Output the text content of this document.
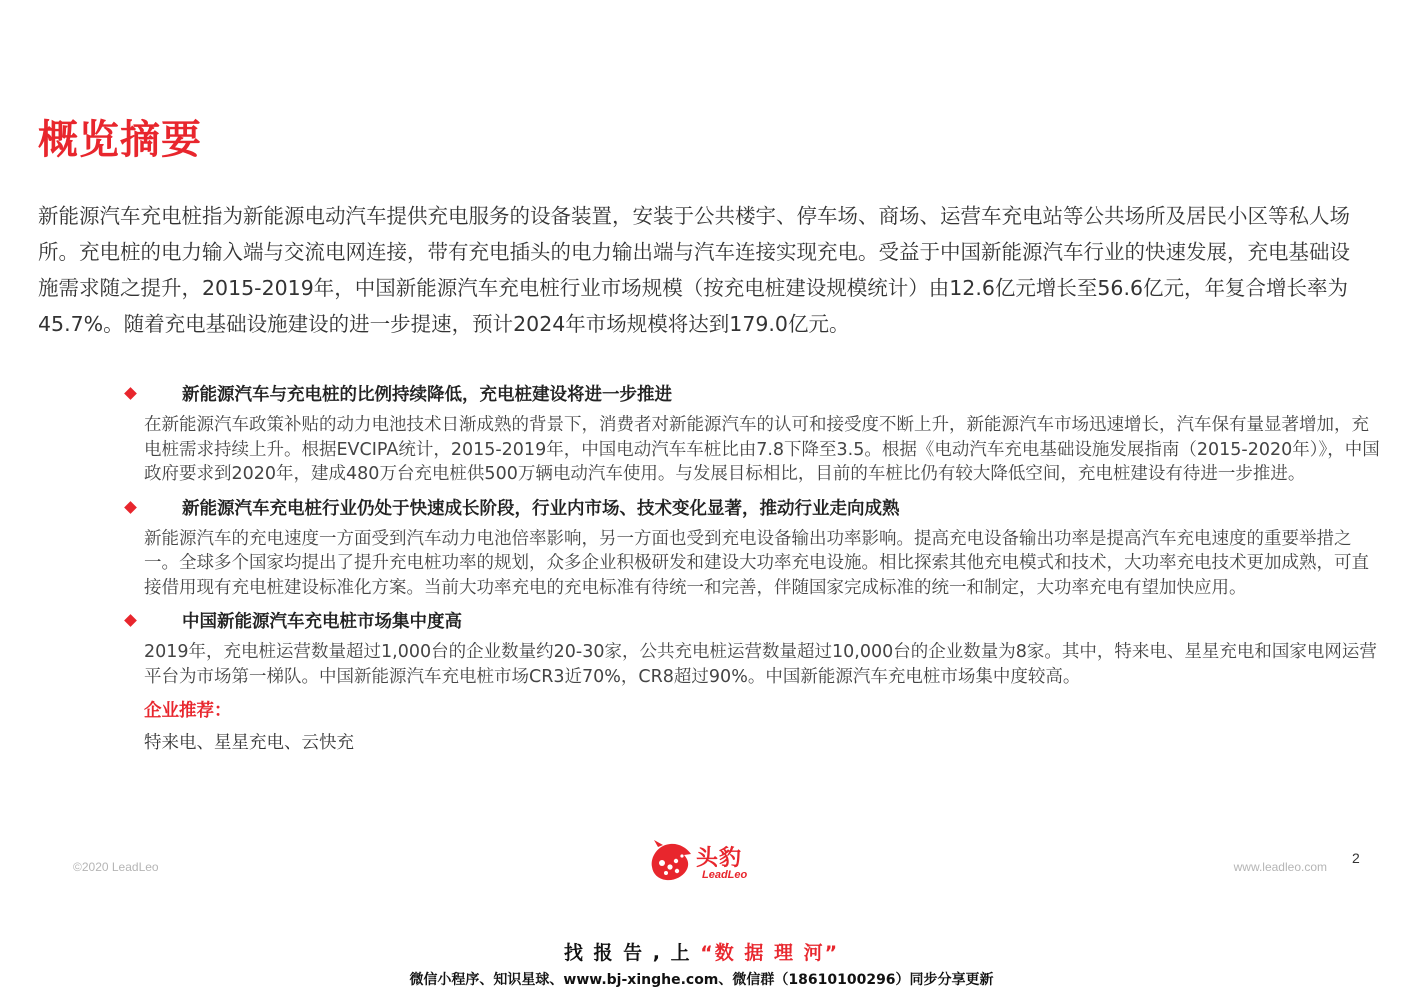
概览摘要
新能源汽车充电桩指为新能源电动汽车提供充电服务的设备装置，安装于公共楼宇、停车场、商场、运营车充电站等公共场所及居民小区等私人场所。充电桩的电力输入端与交流电网连接，带有充电插头的电力输出端与汽车连接实现充电。受益于中国新能源汽车行业的快速发展，充电基础设施需求随之提升，2015-2019年，中国新能源汽车充电桩行业市场规模（按充电桩建设规模统计）由12.6亿元增长至56.6亿元，年复合增长率为45.7%。随着充电基础设施建设的进一步提速，预计2024年市场规模将达到179.0亿元。
新能源汽车与充电桩的比例持续降低，充电桩建设将进一步推进
在新能源汽车政策补贴的动力电池技术日渐成熟的背景下，消费者对新能源汽车的认可和接受度不断上升，新能源汽车市场迅速增长，汽车保有量显著增加，充电桩需求持续上升。根据EVCIPA统计，2015-2019年，中国电动汽车车桩比由7.8下降至3.5。根据《电动汽车充电基础设施发展指南（2015-2020年）》，中国政府要求到2020年，建成480万台充电桩供500万辆电动汽车使用。与发展目标相比，目前的车桩比仍有较大降低空间，充电桩建设有待进一步推进。
新能源汽车充电桩行业仍处于快速成长阶段，行业内市场、技术变化显著，推动行业走向成熟
新能源汽车的充电速度一方面受到汽车动力电池倍率影响，另一方面也受到充电设备输出功率影响。提高充电设备输出功率是提高汽车充电速度的重要举措之一。全球多个国家均提出了提升充电桩功率的规划，众多企业积极研发和建设大功率充电设施。相比探索其他充电模式和技术，大功率充电技术更加成熟，可直接借用现有充电桩建设标准化方案。当前大功率充电的充电标准有待统一和完善，伴随国家完成标准的统一和制定，大功率充电有望加快应用。
中国新能源汽车充电桩市场集中度高
2019年，充电桩运营数量超过1,000台的企业数量约20-30家，公共充电桩运营数量超过10,000台的企业数量为8家。其中，特来电、星星充电和国家电网运营平台为市场第一梯队。中国新能源汽车充电桩市场CR3近70%，CR8超过90%。中国新能源汽车充电桩市场集中度较高。
企业推荐：
特来电、星星充电、云快充
©2020 LeadLeo	头豹
LeadLeo
2
www.leadleo.com
找 报 告 , 上 “数 据 理 河”
微信小程序、知识星球、www.bj-xinghe.com、微信群（18610100296）同步分享更新
